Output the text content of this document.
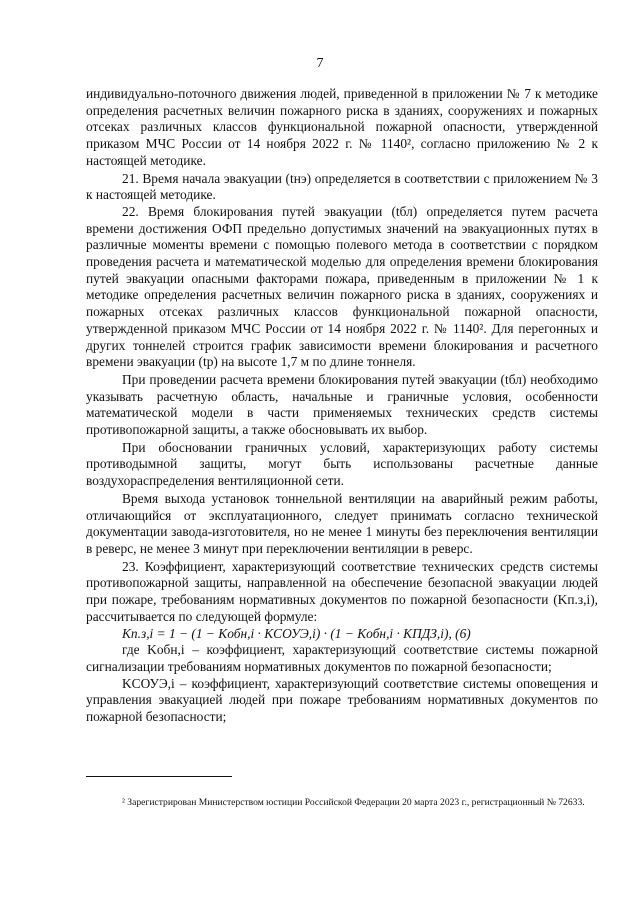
7

индивидуально-поточного движения людей, приведенной в приложении № 7 к методике определения расчетных величин пожарного риска в зданиях, сооружениях и пожарных отсеках различных классов функциональной пожарной опасности, утвержденной приказом МЧС России от 14 ноября 2022 г. № 1140², согласно приложению № 2 к настоящей методике.

21. Время начала эвакуации (tнэ) определяется в соответствии с приложением № 3 к настоящей методике.

22. Время блокирования путей эвакуации (tбл) определяется путем расчета времени достижения ОФП предельно допустимых значений на эвакуационных путях в различные моменты времени с помощью полевого метода в соответствии с порядком проведения расчета и математической моделью для определения времени блокирования путей эвакуации опасными факторами пожара, приведенным в приложении № 1 к методике определения расчетных величин пожарного риска в зданиях, сооружениях и пожарных отсеках различных классов функциональной пожарной опасности, утвержденной приказом МЧС России от 14 ноября 2022 г. № 1140². Для перегонных и других тоннелей строится график зависимости времени блокирования и расчетного времени эвакуации (tр) на высоте 1,7 м по длине тоннеля.

При проведении расчета времени блокирования путей эвакуации (tбл) необходимо указывать расчетную область, начальные и граничные условия, особенности математической модели в части применяемых технических средств системы противопожарной защиты, а также обосновывать их выбор.

При обосновании граничных условий, характеризующих работу системы противодымной защиты, могут быть использованы расчетные данные воздухораспределения вентиляционной сети.

Время выхода установок тоннельной вентиляции на аварийный режим работы, отличающийся от эксплуатационного, следует принимать согласно технической документации завода-изготовителя, но не менее 1 минуты без переключения вентиляции в реверс, не менее 3 минут при переключении вентиляции в реверс.

23. Коэффициент, характеризующий соответствие технических средств системы противопожарной защиты, направленной на обеспечение безопасной эвакуации людей при пожаре, требованиям нормативных документов по пожарной безопасности (Kп.з,i), рассчитывается по следующей формуле:

Kп.з,i = 1 − (1 − Kобн,i · KСОУЭ,i) · (1 − Kобн,i · KПДЗ,i), (6)

где Kобн,i – коэффициент, характеризующий соответствие системы пожарной сигнализации требованиям нормативных документов по пожарной безопасности;

KСОУЭ,i – коэффициент, характеризующий соответствие системы оповещения и управления эвакуацией людей при пожаре требованиям нормативных документов по пожарной безопасности;

² Зарегистрирован Министерством юстиции Российской Федерации 20 марта 2023 г., регистрационный № 72633.
